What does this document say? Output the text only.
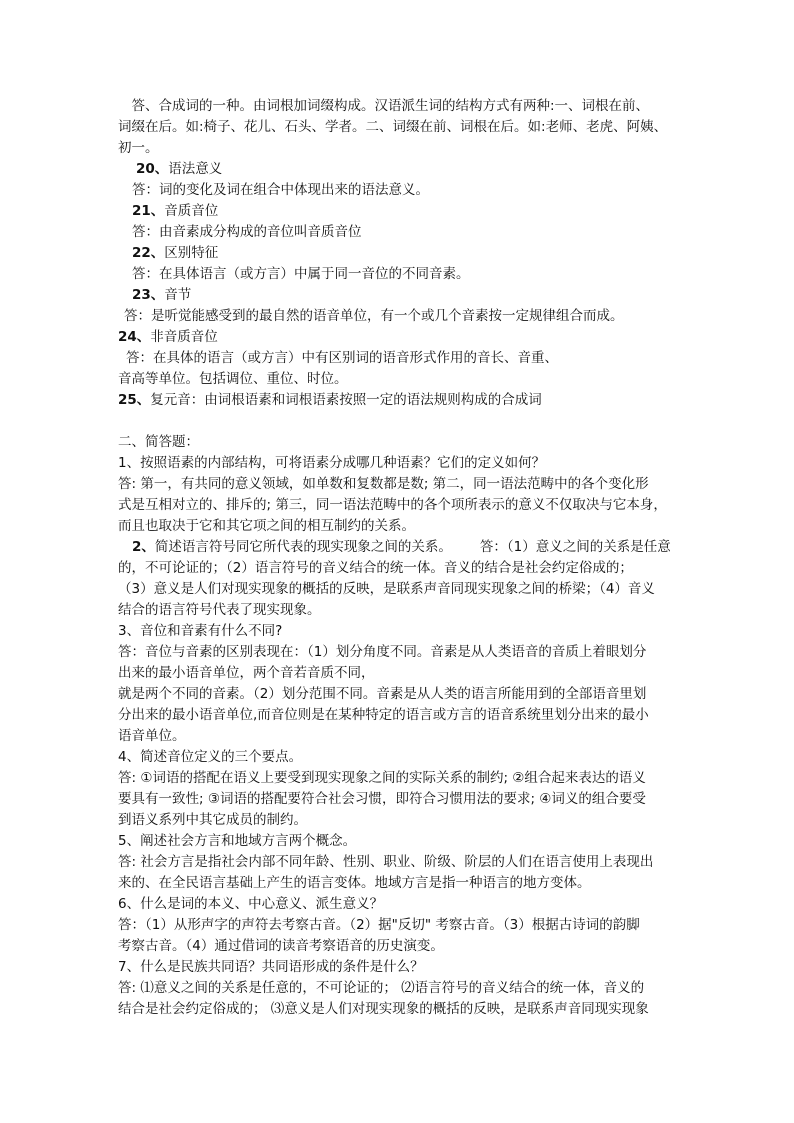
　答、合成词的一种。由词根加词缀构成。汉语派生词的结构方式有两种:一、词根在前、
词缀在后。如:椅子、花儿、石头、学者。二、词缀在前、词根在后。如:老师、老虎、阿姨、
初一。
20、语法意义
答：词的变化及词在组合中体现出来的语法意义。
21、音质音位
答：由音素成分构成的音位叫音质音位
22、区别特征
答：在具体语言（或方言）中属于同一音位的不同音素。
23、音节
答：是听觉能感受到的最自然的语音单位，有一个或几个音素按一定规律组合而成。
24、非音质音位
答：在具体的语言（或方言）中有区别词的语音形式作用的音长、音重、
音高等单位。包括调位、重位、时位。
25、复元音：由词根语素和词根语素按照一定的语法规则构成的合成词
二、简答题：
1、按照语素的内部结构，可将语素分成哪几种语素？它们的定义如何？
答: 第一，有共同的意义领域，如单数和复数都是数; 第二，同一语法范畴中的各个变化形
式是互相对立的、排斥的; 第三，同一语法范畴中的各个项所表示的意义不仅取决与它本身，
而且也取决于它和其它项之间的相互制约的关系。
2、简述语言符号同它所代表的现实现象之间的关系。 答：（1）意义之间的关系是任意
的，不可论证的；（2）语言符号的音义结合的统一体。音义的结合是社会约定俗成的；
（3）意义是人们对现实现象的概括的反映，是联系声音同现实现象之间的桥梁；（4）音义
结合的语言符号代表了现实现象。
3、音位和音素有什么不同?
答：音位与音素的区别表现在：（1）划分角度不同。音素是从人类语音的音质上着眼划分
出来的最小语音单位，两个音若音质不同，
就是两个不同的音素。（2）划分范围不同。音素是从人类的语言所能用到的全部语音里划
分出来的最小语音单位,而音位则是在某种特定的语言或方言的语音系统里划分出来的最小
语音单位。
4、简述音位定义的三个要点。
答: ①词语的搭配在语义上要受到现实现象之间的实际关系的制约; ②组合起来表达的语义
要具有一致性; ③词语的搭配要符合社会习惯，即符合习惯用法的要求; ④词义的组合要受
到语义系列中其它成员的制约。
5、阐述社会方言和地域方言两个概念。
答: 社会方言是指社会内部不同年龄、性别、职业、阶级、阶层的人们在语言使用上表现出
来的、在全民语言基础上产生的语言变体。地域方言是指一种语言的地方变体。
6、什么是词的本义、中心意义、派生意义？
答：（1）从形声字的声符去考察古音。（2）据"反切" 考察古音。（3）根据古诗词的韵脚
考察古音。（4）通过借词的读音考察语音的历史演变。
7、什么是民族共同语？共同语形成的条件是什么？
答: ⑴意义之间的关系是任意的，不可论证的； ⑵语言符号的音义结合的统一体，音义的
结合是社会约定俗成的； ⑶意义是人们对现实现象的概括的反映，是联系声音同现实现象
